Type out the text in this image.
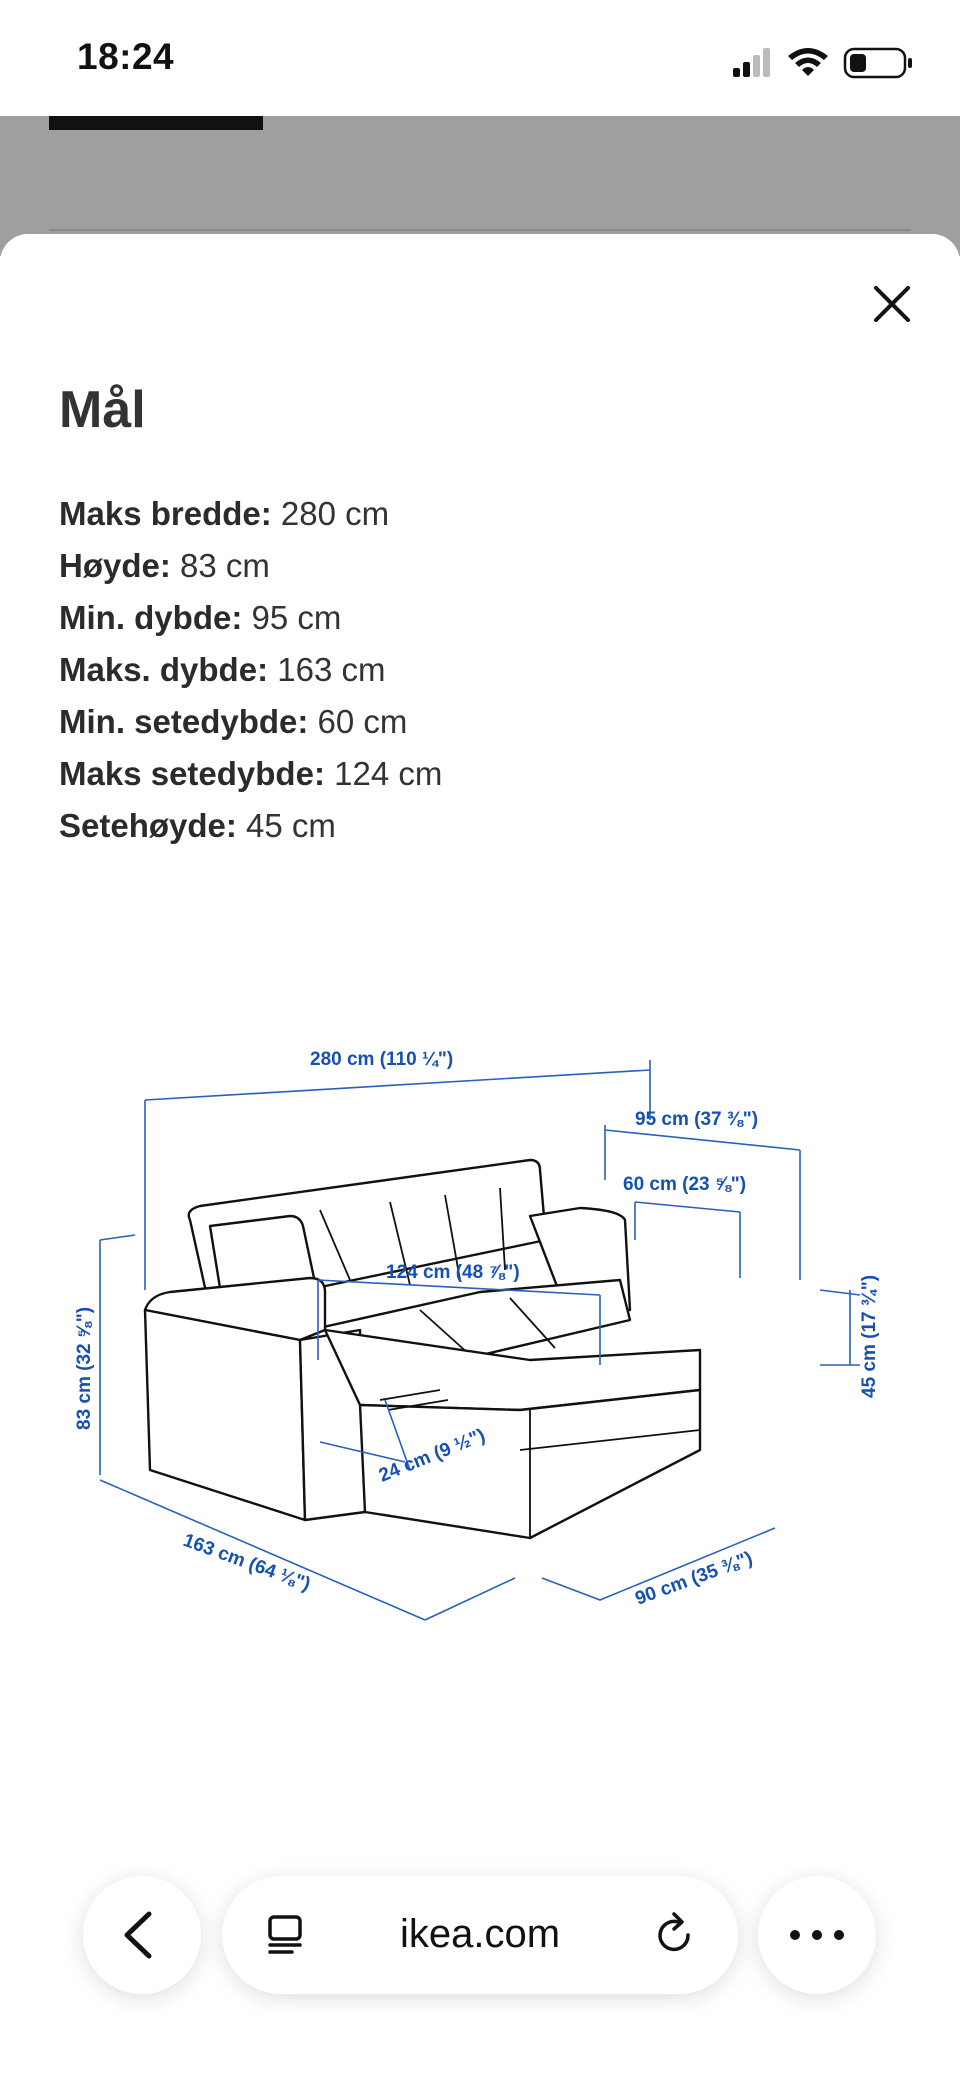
18:24
Mål
Maks bredde: 280 cm
Høyde: 83 cm
Min. dybde: 95 cm
Maks. dybde: 163 cm
Min. setedybde: 60 cm
Maks setedybde: 124 cm
Setehøyde: 45 cm
280 cm (110 ¼")
95 cm (37 ⅜")
60 cm (23 ⅝")
124 cm (48 ⅞")
45 cm (17 ¾")
83 cm (32 ⅝")
24 cm (9 ½")
163 cm (64 ⅛")	90 cm (35 ⅜")
ikea.com
